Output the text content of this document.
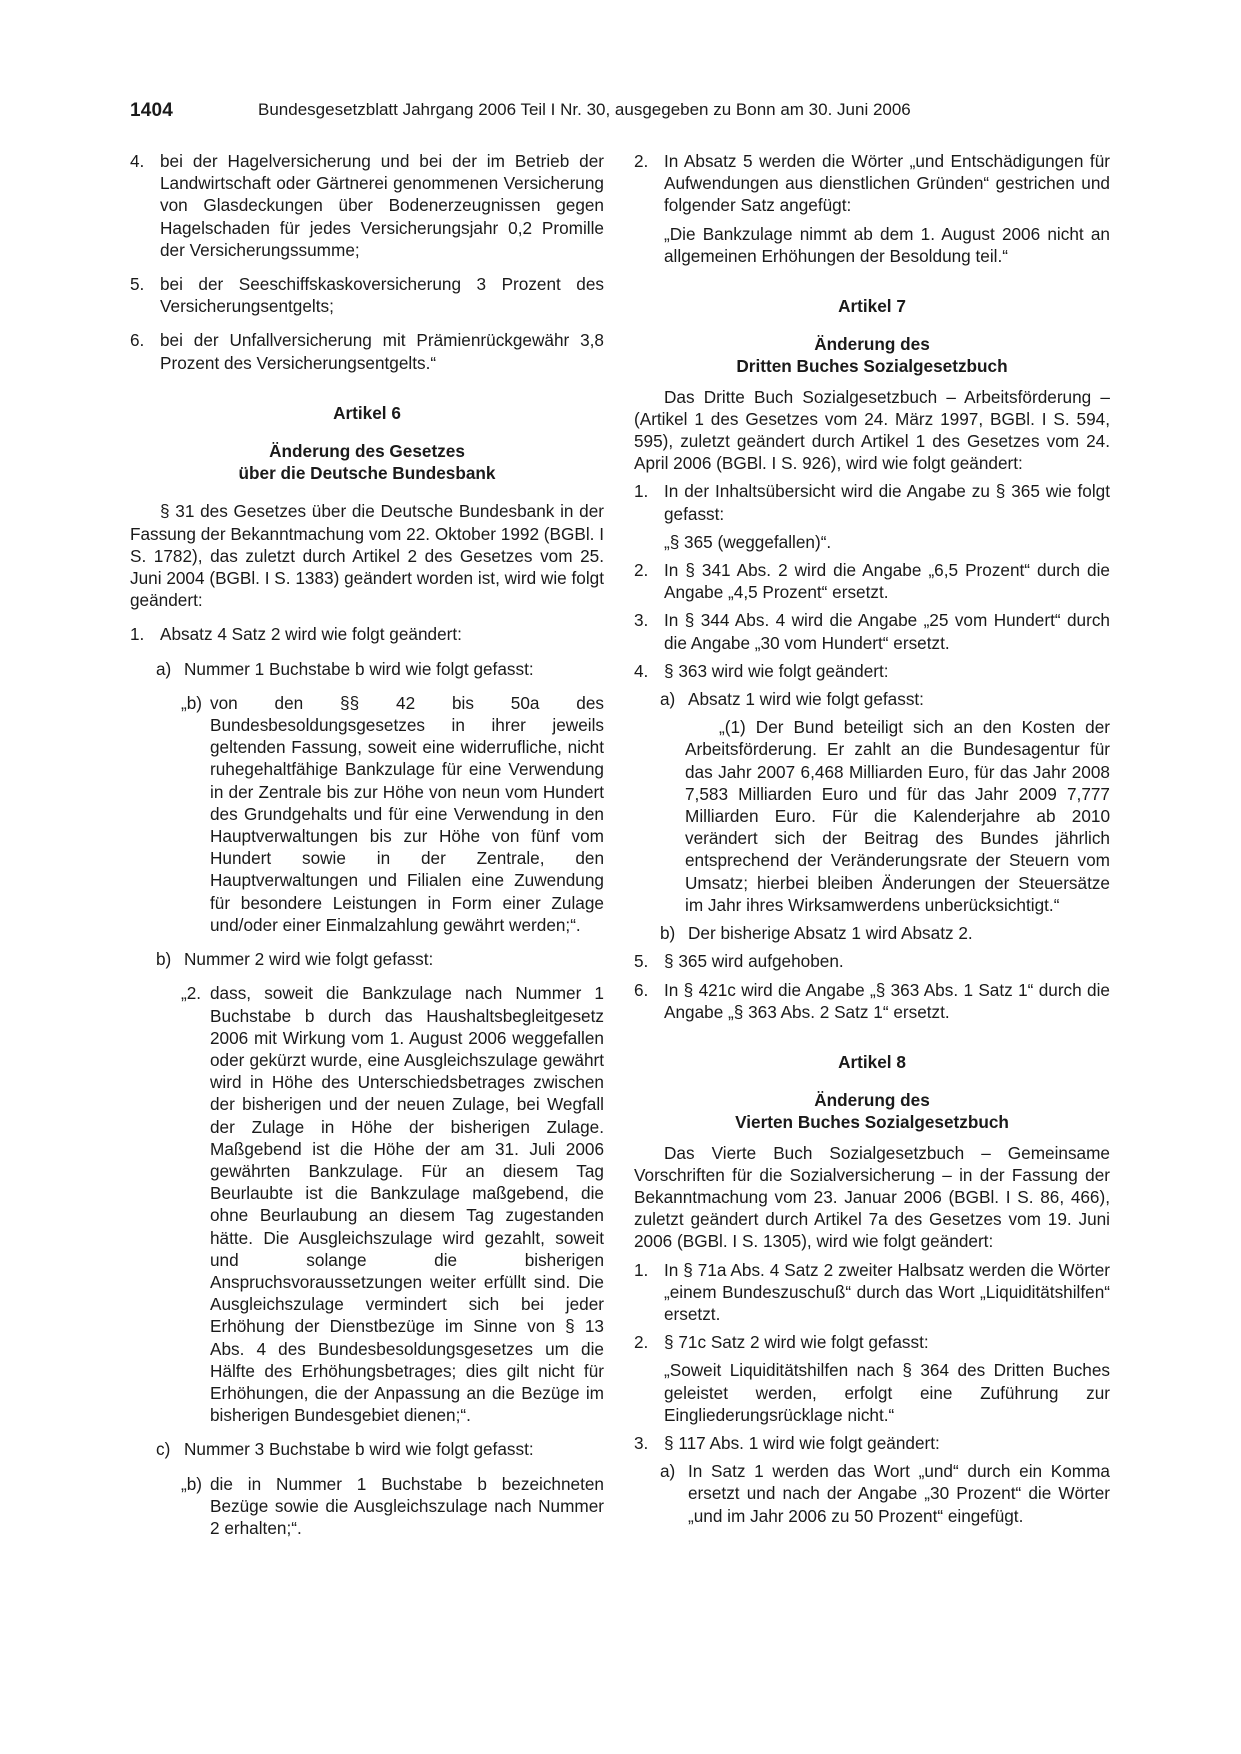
1404	Bundesgesetzblatt Jahrgang 2006 Teil I Nr. 30, ausgegeben zu Bonn am 30. Juni 2006
4. bei der Hagelversicherung und bei der im Betrieb der Landwirtschaft oder Gärtnerei genommenen Versicherung von Glasdeckungen über Bodenerzeugnissen gegen Hagelschaden für jedes Versicherungsjahr 0,2 Promille der Versicherungssumme;
5. bei der Seeschiffskaskoversicherung 3 Prozent des Versicherungsentgelts;
6. bei der Unfallversicherung mit Prämienrückgewähr 3,8 Prozent des Versicherungsentgelts.“

Artikel 6

Änderung des Gesetzes

über die Deutsche Bundesbank

§ 31 des Gesetzes über die Deutsche Bundesbank in der Fassung der Bekanntmachung vom 22. Oktober 1992 (BGBl. I S. 1782), das zuletzt durch Artikel 2 des Gesetzes vom 25. Juni 2004 (BGBl. I S. 1383) geändert worden ist, wird wie folgt geändert:

1. Absatz 4 Satz 2 wird wie folgt geändert:
a) Nummer 1 Buchstabe b wird wie folgt gefasst:
„b) von den §§ 42 bis 50a des Bundesbesoldungsgesetzes in ihrer jeweils geltenden Fassung, soweit eine widerrufliche, nicht ruhegehaltfähige Bankzulage für eine Verwendung in der Zentrale bis zur Höhe von neun vom Hundert des Grundgehalts und für eine Verwendung in den Hauptverwaltungen bis zur Höhe von fünf vom Hundert sowie in der Zentrale, den Hauptverwaltungen und Filialen eine Zuwendung für besondere Leistungen in Form einer Zulage und/oder einer Einmalzahlung gewährt werden;“.
b) Nummer 2 wird wie folgt gefasst:
„2. dass, soweit die Bankzulage nach Nummer 1 Buchstabe b durch das Haushaltsbegleitgesetz 2006 mit Wirkung vom 1. August 2006 weggefallen oder gekürzt wurde, eine Ausgleichszulage gewährt wird in Höhe des Unterschiedsbetrages zwischen der bisherigen und der neuen Zulage, bei Wegfall der Zulage in Höhe der bisherigen Zulage. Maßgebend ist die Höhe der am 31. Juli 2006 gewährten Bankzulage. Für an diesem Tag Beurlaubte ist die Bankzulage maßgebend, die ohne Beurlaubung an diesem Tag zugestanden hätte. Die Ausgleichszulage wird gezahlt, soweit und solange die bisherigen Anspruchsvoraussetzungen weiter erfüllt sind. Die Ausgleichszulage vermindert sich bei jeder Erhöhung der Dienstbezüge im Sinne von § 13 Abs. 4 des Bundesbesoldungsgesetzes um die Hälfte des Erhöhungsbetrages; dies gilt nicht für Erhöhungen, die der Anpassung an die Bezüge im bisherigen Bundesgebiet dienen;“.
c) Nummer 3 Buchstabe b wird wie folgt gefasst:
„b) die in Nummer 1 Buchstabe b bezeichneten Bezüge sowie die Ausgleichszulage nach Nummer 2 erhalten;“.
2. In Absatz 5 werden die Wörter „und Entschädigungen für Aufwendungen aus dienstlichen Gründen“ gestrichen und folgender Satz angefügt:

„Die Bankzulage nimmt ab dem 1. August 2006 nicht an allgemeinen Erhöhungen der Besoldung teil.“

Artikel 7

Änderung des

Dritten Buches Sozialgesetzbuch

Das Dritte Buch Sozialgesetzbuch – Arbeitsförderung – (Artikel 1 des Gesetzes vom 24. März 1997, BGBl. I S. 594, 595), zuletzt geändert durch Artikel 1 des Gesetzes vom 24. April 2006 (BGBl. I S. 926), wird wie folgt geändert:

1. In der Inhaltsübersicht wird die Angabe zu § 365 wie folgt gefasst:

„§ 365 (weggefallen)“.

2. In § 341 Abs. 2 wird die Angabe „6,5 Prozent“ durch die Angabe „4,5 Prozent“ ersetzt.
3. In § 344 Abs. 4 wird die Angabe „25 vom Hundert“ durch die Angabe „30 vom Hundert“ ersetzt.
4. § 363 wird wie folgt geändert:
a) Absatz 1 wird wie folgt gefasst:

„(1) Der Bund beteiligt sich an den Kosten der Arbeitsförderung. Er zahlt an die Bundesagentur für das Jahr 2007 6,468 Milliarden Euro, für das Jahr 2008 7,583 Milliarden Euro und für das Jahr 2009 7,777 Milliarden Euro. Für die Kalenderjahre ab 2010 verändert sich der Beitrag des Bundes jährlich entsprechend der Veränderungsrate der Steuern vom Umsatz; hierbei bleiben Änderungen der Steuersätze im Jahr ihres Wirksamwerdens unberücksichtigt.“

b) Der bisherige Absatz 1 wird Absatz 2.
5. § 365 wird aufgehoben.
6. In § 421c wird die Angabe „§ 363 Abs. 1 Satz 1“ durch die Angabe „§ 363 Abs. 2 Satz 1“ ersetzt.

Artikel 8

Änderung des

Vierten Buches Sozialgesetzbuch

Das Vierte Buch Sozialgesetzbuch – Gemeinsame Vorschriften für die Sozialversicherung – in der Fassung der Bekanntmachung vom 23. Januar 2006 (BGBl. I S. 86, 466), zuletzt geändert durch Artikel 7a des Gesetzes vom 19. Juni 2006 (BGBl. I S. 1305), wird wie folgt geändert:

1. In § 71a Abs. 4 Satz 2 zweiter Halbsatz werden die Wörter „einem Bundeszuschuß“ durch das Wort „Liquiditätshilfen“ ersetzt.
2. § 71c Satz 2 wird wie folgt gefasst:

„Soweit Liquiditätshilfen nach § 364 des Dritten Buches geleistet werden, erfolgt eine Zuführung zur Eingliederungsrücklage nicht.“

3. § 117 Abs. 1 wird wie folgt geändert:
a) In Satz 1 werden das Wort „und“ durch ein Komma ersetzt und nach der Angabe „30 Prozent“ die Wörter „und im Jahr 2006 zu 50 Prozent“ eingefügt.
